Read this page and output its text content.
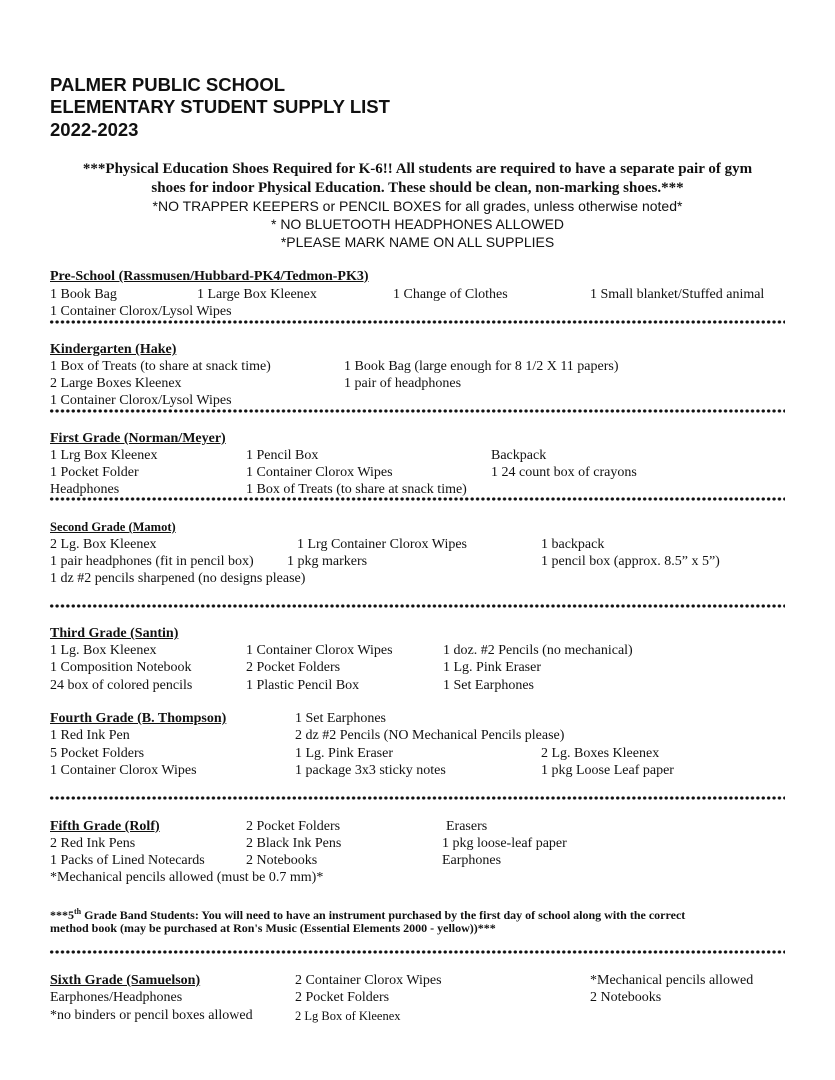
PALMER PUBLIC SCHOOL
ELEMENTARY STUDENT SUPPLY LIST
2022-2023
***Physical Education Shoes Required for K-6!! All students are required to have a separate pair of gym
shoes for indoor Physical Education. These should be clean, non-marking shoes.***
*NO TRAPPER KEEPERS or PENCIL BOXES for all grades, unless otherwise noted*
* NO BLUETOOTH HEADPHONES ALLOWED
*PLEASE MARK NAME ON ALL SUPPLIES
Pre-School (Rassmusen/Hubbard-PK4/Tedmon-PK3)
1 Book Bag	1 Large Box Kleenex	1 Change of Clothes	1 Small blanket/Stuffed animal
1 Container Clorox/Lysol Wipes
Kindergarten (Hake)
1 Box of Treats (to share at snack time)	1 Book Bag (large enough for 8 1/2 X 11 papers)
2 Large Boxes Kleenex	1 pair of headphones
1 Container Clorox/Lysol Wipes
First Grade (Norman/Meyer)
1 Lrg Box Kleenex	1 Pencil Box	Backpack
1 Pocket Folder	1 Container Clorox Wipes	1 24 count box of crayons
Headphones	1 Box of Treats (to share at snack time)
Second Grade (Mamot)
2 Lg. Box Kleenex	1 Lrg Container Clorox Wipes	1 backpack
1 pair headphones (fit in pencil box) 1 pkg markers	1 pencil box (approx. 8.5” x 5”)
1 dz #2 pencils sharpened (no designs please)
Third Grade (Santin)
1 Lg. Box Kleenex	1 Container Clorox Wipes	1 doz. #2 Pencils (no mechanical)
1 Composition Notebook	2 Pocket Folders	1 Lg. Pink Eraser
24 box of colored pencils	1 Plastic Pencil Box	1 Set Earphones
Fourth Grade (B. Thompson)	1 Set Earphones
1 Red Ink Pen	2 dz #2 Pencils (NO Mechanical Pencils please)
5 Pocket Folders	1 Lg. Pink Eraser	2 Lg. Boxes Kleenex
1 Container Clorox Wipes	1 package 3x3 sticky notes	1 pkg Loose Leaf paper
Fifth Grade (Rolf)	2 Pocket Folders	Erasers
2 Red Ink Pens	2 Black Ink Pens	1 pkg loose-leaf paper
1 Packs of Lined Notecards	2 Notebooks	Earphones
*Mechanical pencils allowed (must be 0.7 mm)*
***5th Grade Band Students: You will need to have an instrument purchased by the first day of school along with the correct
method book (may be purchased at Ron's Music (Essential Elements 2000 - yellow))***
Sixth Grade (Samuelson)	2 Container Clorox Wipes	*Mechanical pencils allowed
Earphones/Headphones	2 Pocket Folders	2 Notebooks
*no binders or pencil boxes allowed	2 Lg Box of Kleenex
